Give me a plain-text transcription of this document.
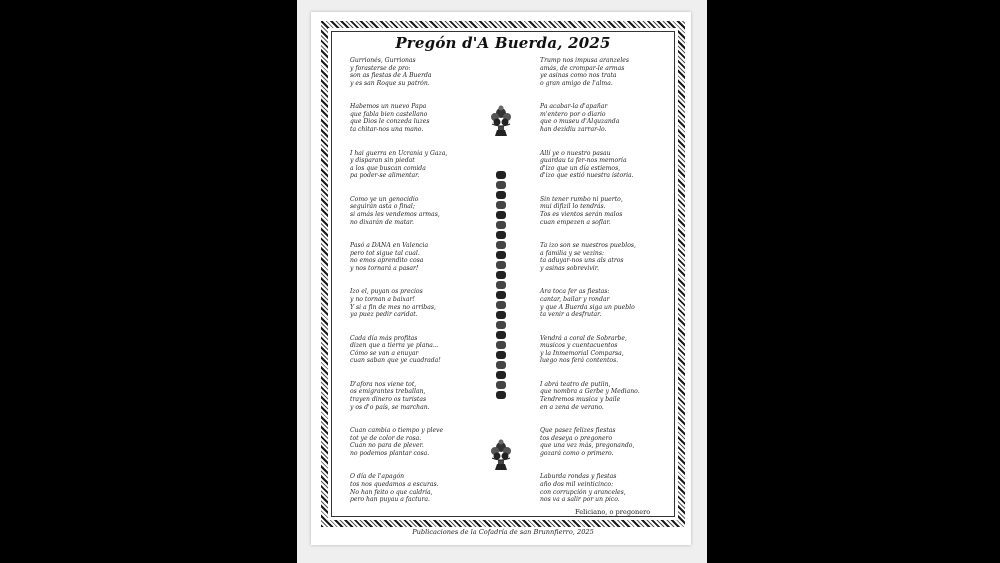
Pregón d'A Buerda, 2025
Gurrionés, Gurrionas
y forasterse de pro:
son as fiestas de A Buerda
y es san Roque su patrón.
Habemos un nuevo Papa
que fabla bien castellano
que Dios le conzeda luzes
ta chitar-nos una mano.
I hai guerra en Ucrania y Gaza,
y disparan sin piedat
a los que buscan comida
pa poder-se alimentar.
Como ye un genocidio
seguirán asta o final;
si amás les vendemos armas,
no dixarán de matar.
Pasó a DANA en Valencia
pero tot sigue tal cual.
no emos aprendito cosa
y nos tornará a pasar!
Izo el, puyan os precios
y no tornan a baixar!
Y si a fin de mes no arribas,
ya puez pedir caridat.
Cada día más profitas
dizen que a tierra ye plana...
Cómo se van a enuyar
cuan saban que ye cuadrada!
D'afora nos viene tot,
os emigrantes treballan,
trayen dinero os turistas
y os d'o país, se marchan.
Cuan cambia o tiempo y pleve
tot ye de color de rosa.
Cuan no para de plever.
no podemos plantar cosa.
O día de l'apagón
tos nos quedamos a escuras.
No han feito o que caldría,
pero han puyau a factura.
Trump nos impusa aranzeles
amás, de crompar-le armas
ye asinas como nos trata
o gran amigo de l'alma.
Pa acabar-la d'apañar
m'entero por o diario
que o museu d'Alquzanda
han dezidiu zarrar-lo.
Allí ye o nuestro pasau
guardau ta fer-nos memoria
d'izo que un día estiemos,
d'izo que estió nuestra istoria.
Sin tener rumbo ni puerto,
mui difizil lo tendrás.
Tos es vientos serán malos
cuan empezen a soflar.
Ta izo son se nuestros pueblos,
a familia y se vezins:
ta aduyar-nos uns als atros
y asinas sobrevivir.
Ara toca fer as fiestas:
cantar, bailar y rondar
y que A Buerda siga un pueblo
ta venir a desfrutar.
Vendrá a coral de Sobrarbe,
musicos y cuentacuentos
y la Inmemorial Comparsa,
luego nos ferá contentos.
I abrá teatro de putiin,
que nombra a Gerbe y Mediano.
Tendremos musica y baile
en a zena de verano.
Que pasez felizes fiestas
tos deseya o pregonero
que una vez más, pregonando,
gozará como o primero.
Laburda rondas y fiestas
año dos mil veinticinco:
con corrupción y aranceles,
nos va a salir por un pico.
Feliciano, o pregonero
Publicaciones de la Cofadría de san Brunnfierro, 2025
